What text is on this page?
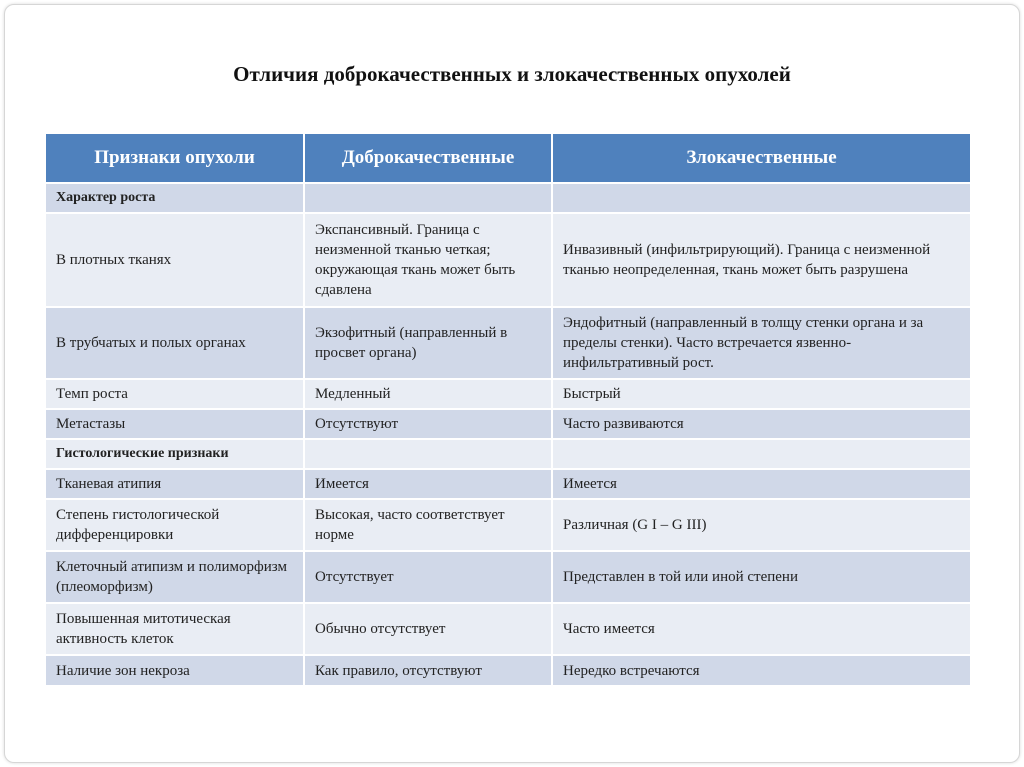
Отличия доброкачественных и злокачественных опухолей
Признаки опухоли	Доброкачественные	Злокачественные
Характер роста		
В плотных тканях	Экспансивный. Граница с неизменной тканью четкая; окружающая ткань может быть сдавлена	Инвазивный (инфильтрирующий). Граница с неизменной тканью неопределенная, ткань может быть разрушена
В трубчатых и полых органах	Экзофитный (направленный в просвет органа)	Эндофитный (направленный в толщу стенки органа и за пределы стенки). Часто встречается язвенно-инфильтративный рост.
Темп роста	Медленный	Быстрый
Метастазы	Отсутствуют	Часто развиваются
Гистологические признаки		
Тканевая атипия	Имеется	Имеется
Степень гистологической дифференцировки	Высокая, часто соответствует норме	Различная (G I – G III)
Клеточный атипизм и полиморфизм (плеоморфизм)	Отсутствует	Представлен в той или иной степени
Повышенная митотическая активность клеток	Обычно отсутствует	Часто имеется
Наличие зон некроза	Как правило, отсутствуют	Нередко встречаются
